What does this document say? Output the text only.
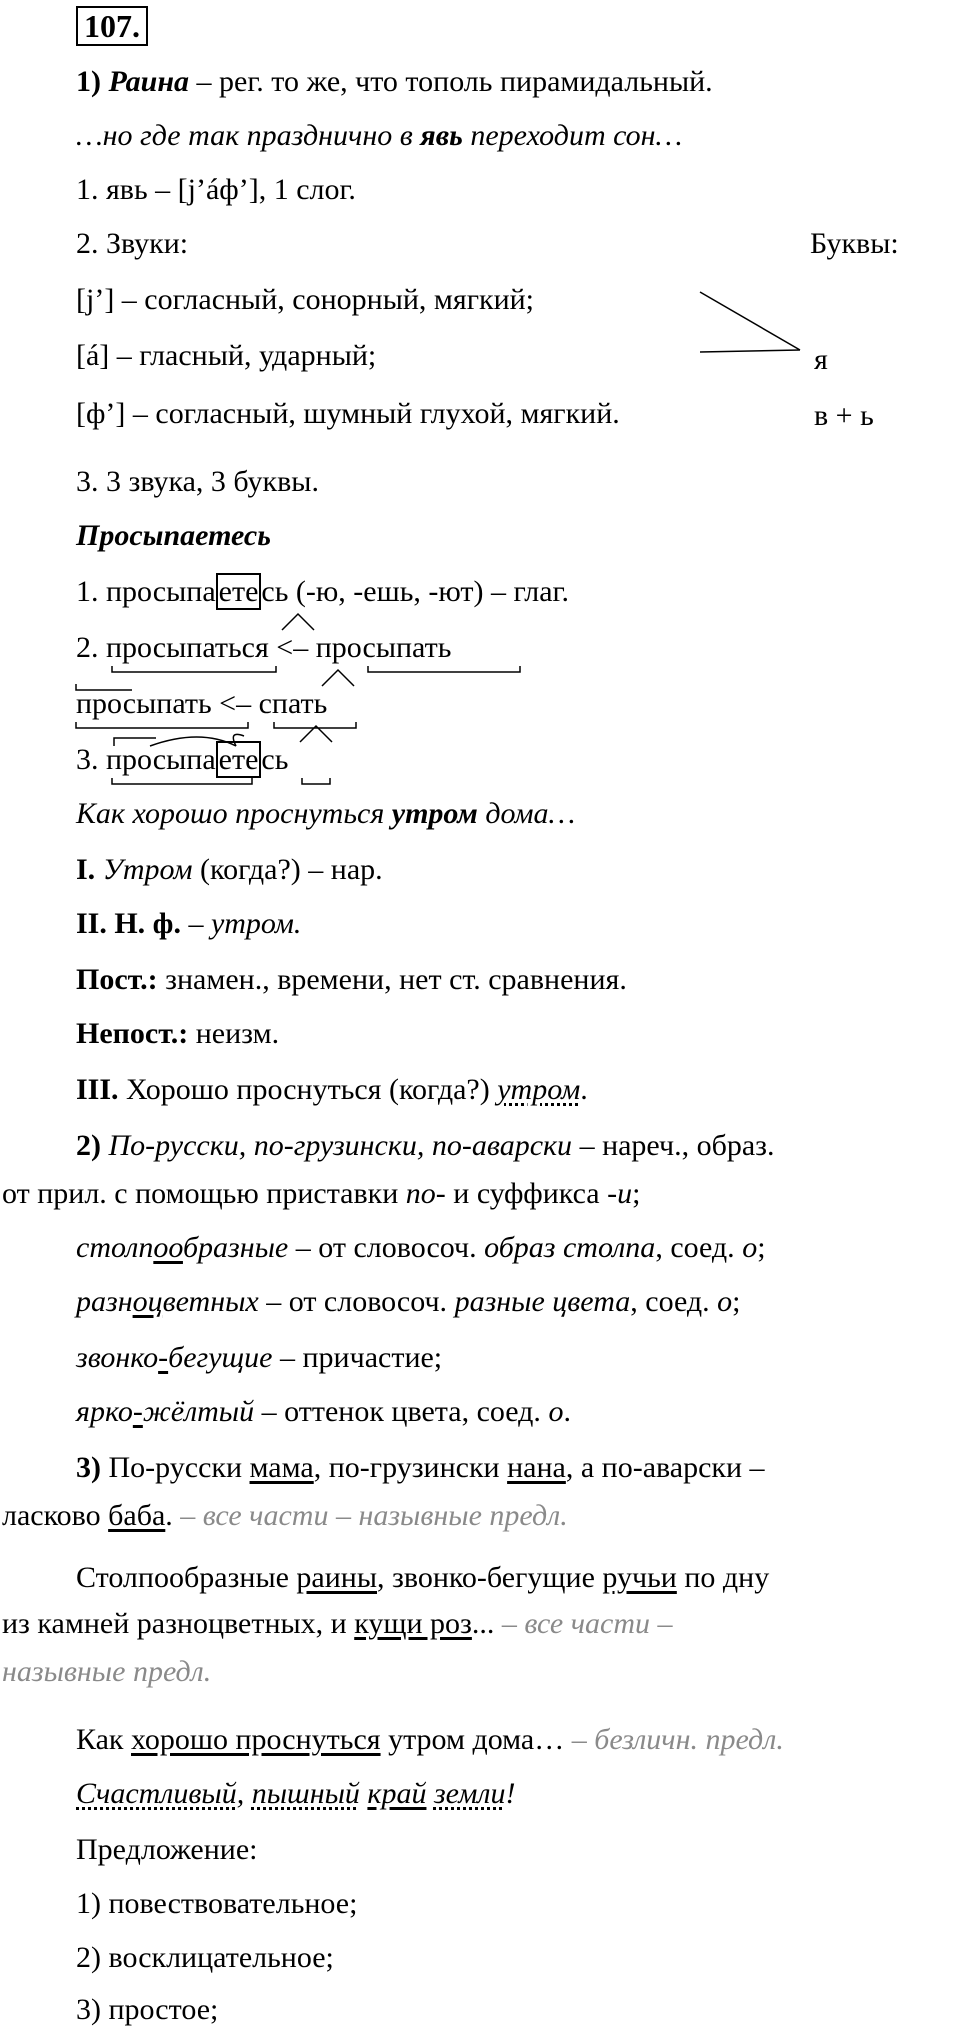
107.
1) Раина – рег. то же, что тополь пирамидальный.
…но где так празднично в явь переходит сон…
1. явь – [j’áф’], 1 слог.
2. Звуки:	Буквы:
[j’] – согласный, сонорный, мягкий;
[á] – гласный, ударный;	я
[ф’] – согласный, шумный глухой, мягкий.	в + ь
3. 3 звука, 3 буквы.
Просыпаетесь
1. просыпа ете сь (-ю, -ешь, -ют) – глаг.
2. просыпаться <– просыпать
просыпать <– спать
3. просыпа ете сь
Как хорошо проснуться утром дома…
I. Утром (когда?) – нар.
II. Н. ф. – утром.
Пост.: знамен., времени, нет ст. сравнения.
Непост.: неизм.
III. Хорошо проснуться (когда?) утром.
2) По-русски, по-грузински, по-аварски – нареч., образ.
от прил. с помощью приставки по- и суффикса -и;
столпообразные – от словосоч. образ столпа, соед. о;
разноцветных – от словосоч. разные цвета, соед. о;
звонко-бегущие – причастие;
ярко-жёлтый – оттенок цвета, соед. о.
3) По-русски мама, по-грузински нана, а по-аварски –
ласково баба. – все части – назывные предл.
Столпообразные раины, звонко-бегущие ручьи по дну
из камней разноцветных, и кущи роз... – все части –
назывные предл.
Как хорошо проснуться утром дома… – безличн. предл.
Счастливый, пышный край земли!
Предложение:
1) повествовательное;
2) восклицательное;
3) простое;
